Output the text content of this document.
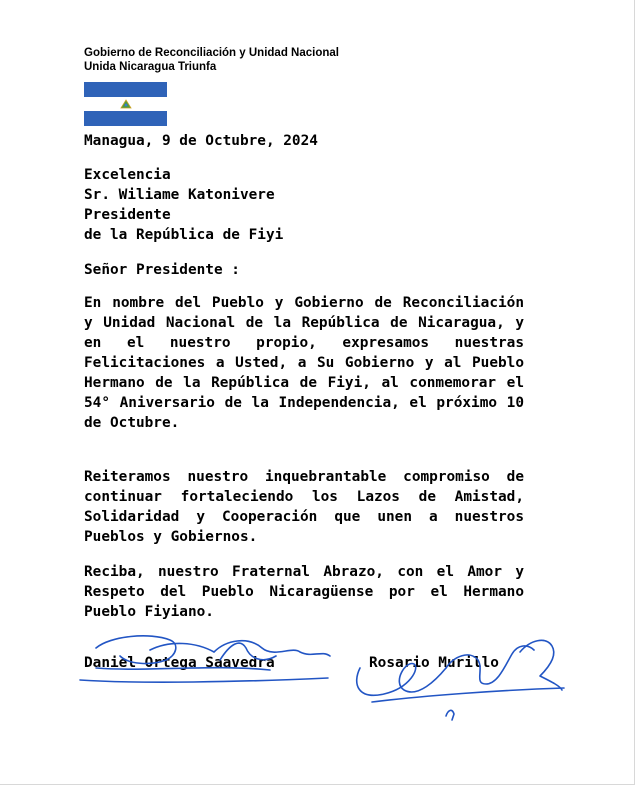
Gobierno de Reconciliación y Unidad Nacional
Unida Nicaragua Triunfa
Managua, 9 de Octubre, 2024
Excelencia
Sr. Wiliame Katonivere
Presidente
de la República de Fiyi
Señor Presidente :
En nombre del Pueblo y Gobierno de Reconciliación y Unidad Nacional de la República de Nicaragua, y en el nuestro propio, expresamos nuestras Felicitaciones a Usted, a Su Gobierno y al Pueblo Hermano de la República de Fiyi, al conmemorar el 54° Aniversario de la Independencia, el próximo 10 de Octubre.
Reiteramos nuestro inquebrantable compromiso de continuar fortaleciendo los Lazos de Amistad, Solidaridad y Cooperación que unen a nuestros Pueblos y Gobiernos.
Reciba, nuestro Fraternal Abrazo, con el Amor y Respeto del Pueblo Nicaragüense por el Hermano Pueblo Fiyiano.
Daniel Ortega Saavedra	Rosario Murillo
